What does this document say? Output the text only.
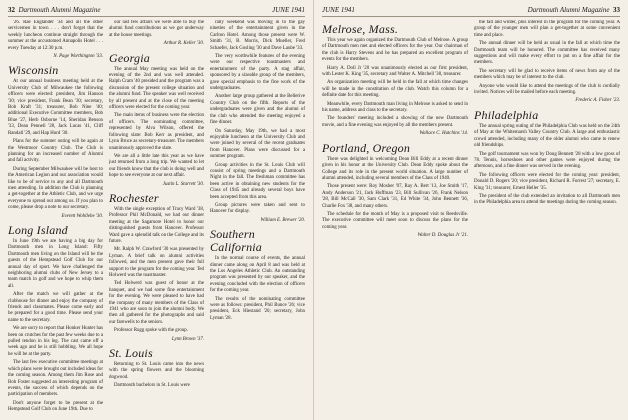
32 Dartmouth Alumni Magazine	JUNE 1941

'26. Rae Englander '34 and all the other servicemen in town . . . don't forget that the weekly luncheon continue straight through the summer at the accustomed Annapolis Hotel . . . every Tuesday at 12:30 p.m.

N. Page Worthington '33.

Wisconsin

At our annual business meeting held at the University Club of Milwaukee the following officers were elected: president, Jim Hanson '30; vice president, Frank Bean '30; secretary, Bob Kraft '31; treasurer, Bob Nine '40; additional Executive Committee members, Bob Blue '27, Herb Osborne '14, Sheridan Benson '33, Dean Pennell '28, Jack Lucas '41, Cliff Randall '29, and Hap Hurd '30.

Plans for the summer outing will be again at the Westmoor Country Club. The Club is planning for an increased number of Alumni and fall activity.

During September Milwaukee will be host to the American Legion and our association would like to be of service to any and all Dartmouth men attending. In addition the Club is planning a get-together at the Athletic Club, and we urge everyone to spread out among us. If you plan to come, please drop a note to our secretary.

Everett Wohllebe '30.

Long Island

In June 19th we are having a big day for Dartmouth men in Long Island: Fifty Dartmouth men living on the Island will be the guests of the Hempstead Golf Club for our annual day of sport. We have challenged the neighboring alumni clubs of New Jersey to a team match in golf and we hope to whip them all.

After the match we will gather at the clubhouse for dinner and enjoy the company of friends and classmates. Please come early and be prepared for a good time. Please send your name to the secretary.

We are sorry to report that Honker Hunter has been on crutches for the past few weeks due to a pulled tendon in his leg. The cast came off a week ago and he is still hobbling. We all hope he will be at the party.

The last few executive committee meetings at which plans were brought out included ideas for the coming season. Among them Jim Rose and Bob Foster suggested an interesting program of events, the success of which depends on the participation of members.

Don't anyone forget to be present at the Hempstead Golf Club on June 19th. Due to

our last few affairs we were able to buy the alumni fund contributions as we got underway at the house meetings.

Arthur R. Keller '30.

Georgia

The annual May meeting was held on the evening of the 2nd and was well attended. Ralph Cram '40 presided and the program was a discussion of the present college situation and the alumni fund. The speaker was well received by all present and at the close of the meeting officers were elected for the coming year.

The main items of business were the election of officers. The nominating committee, represented by Alva Wilson, offered the following slate: Bob Kerr as president, and Lynn Bruce as secretary-treasurer. The members unanimously approved the slate.

We are all a little late this year as we have just returned from a long trip. We wanted to let our friends know that the club is doing well and hope to see everyone at our next affair.

Justin L. Starrett '30.

Rochester

With the single exception of Tracy Ward '38, Professor Phil McDonald, we had our dinner meeting at the Sagamore Hotel to honor our distinguished guests from Hanover. Professor Ward gave a splendid talk on the College and its future.

Mr. Ralph W. Crawford '30 was presented by Lyman. A brief talk on alumni activities followed, and the men present gave their full support to the program for the coming year. Ted Holwerd was the toastmaster.

Ted Holwerd was guest of honor at the banquet, and we had some fine entertainment for the evening. We were pleased to have had the company of many members of the Class of 1941 who are soon to join the alumni body. We then all gathered for the photographs and said our farewells to the seniors.

Professor Rugg spoke with the group.

Lynn Brown '37.

St. Louis

Returning to St. Louis came into the news with the spring flowers and the blooming dogwood.

Dartmouth bachelors in St. Louis were

rally weekend was moving in to the gay nineties of the entertainment given in the Carlton Hotel. Among those present were W. Smith '31, B. Morris, Dick Mueller, Fred Schaefer, Jack Gosling '30 and Dave Laube '33.

The very worthwhile features of the evening were our respective toastmasters and entertainment of the party. A stag affair, sponsored by a sizeable group of the members, gave special emphasis to the fine work of the undergraduates.

Another large group gathered at the Bellerive Country Club on the fifth. Reports of the undergraduates were given and the alumni of the club who attended the meeting enjoyed a fine dinner.

On Saturday, May 19th, we had a most enjoyable luncheon at the University Club and were joined by several of the recent graduates from Hanover. Plans were discussed for a summer program.

Group activities in the St. Louis Club will consist of spring meetings and a Dartmouth Night in the fall. The freshman committee has been active in obtaining new students for the Class of 1945 and already several boys have been accepted from this area.

Group pictures were taken and sent to Hanover for display.

William E. Brewer '20.

Southern California

In the normal course of events, the annual dinner came along on April 8 and was held at the Los Angeles Athletic Club. An outstanding program was presented by our speaker, and the evening concluded with the election of officers for the coming year.

The results of the nominating committee were as follows: president, Phil Bunce '26; vice president, Eck Hiestand '20; secretary, John Lyman '28.

JUNE 1941	Dartmouth Alumni Magazine 33
Melrose, Mass.

This year we again organized the Dartmouth Club of Melrose. A group of Dartmouth men met and elected officers for the year. Our chairman of the club is Harry Stevens and he has prepared an excellent program of events for the members.

Harry A. Doll Jr '20 was unanimously elected as our first president, with Lester K. King '35, secretary and Walter A. Mitchell '38, treasurer.

An organization meeting will be held in the fall at which time changes will be made in the constitution of the club. Watch this column for a definite date for this meeting.

Meanwhile, every Dartmouth man living in Melrose is asked to send in his name, address and class to the secretary.

The founders' meeting included a showing of the new Dartmouth movie, and a fine evening was enjoyed by all the members present.

Wallace C. Hutchins '14.

Portland, Oregon

There was delighted in welcoming Dean Bill Eddy at a recent dinner given in his honor at the University Club. Dean Eddy spoke about the College and its role in the present world situation. A large number of alumni attended, including several members of the Class of 1940.

Those present were: Roy Mosher '07, Ray A. Bert '13, Joe Smith '17, Andy Anderson '21, Jack Hoffman '23, Bill Sullivan '26, Frank Nelson '28, Bill McCall '30, Sam Clark '31, Ed White '34, John Bennett '36, Charlie Fox '38, and many others.

The schedule for the month of May is a proposed visit to Reedsville. The executive committee will meet soon to discuss the plans for the coming year.

Walter D. Douglas Jr '21.

the fall and winter, plus interest in the program for the coming year. A group of the younger men will plan a get-together at some convenient time and place.

The annual dinner will be held as usual in the fall at which time the Dartmouth team will be honored. The committee has received many suggestions and will make every effort to put on a fine affair for the members.

The secretary will be glad to receive items of news from any of the members which may be of interest to the club.

Anyone who would like to attend the meetings of the club is cordially invited. Notices will be mailed before each meeting.

Frederic A. Fisher '23.

Philadelphia

The annual spring outing of the Philadelphia Club was held on the 24th of May at the Whitemarsh Valley Country Club. A large and enthusiastic crowd attended, including many of the older alumni who came to renew old friendships.

The golf tournament was won by Doug Bennett '28 with a low gross of 78. Tennis, horseshoes and other games were enjoyed during the afternoon, and a fine dinner was served in the evening.

The following officers were elected for the coming year: president, Donald D. Rogers '20; vice president, Richard R. Forrest '27; secretary, E. King '31; treasurer, Ernest Heller '35.

The president of the club extended an invitation to all Dartmouth men in the Philadelphia area to attend the meetings during the coming season.
